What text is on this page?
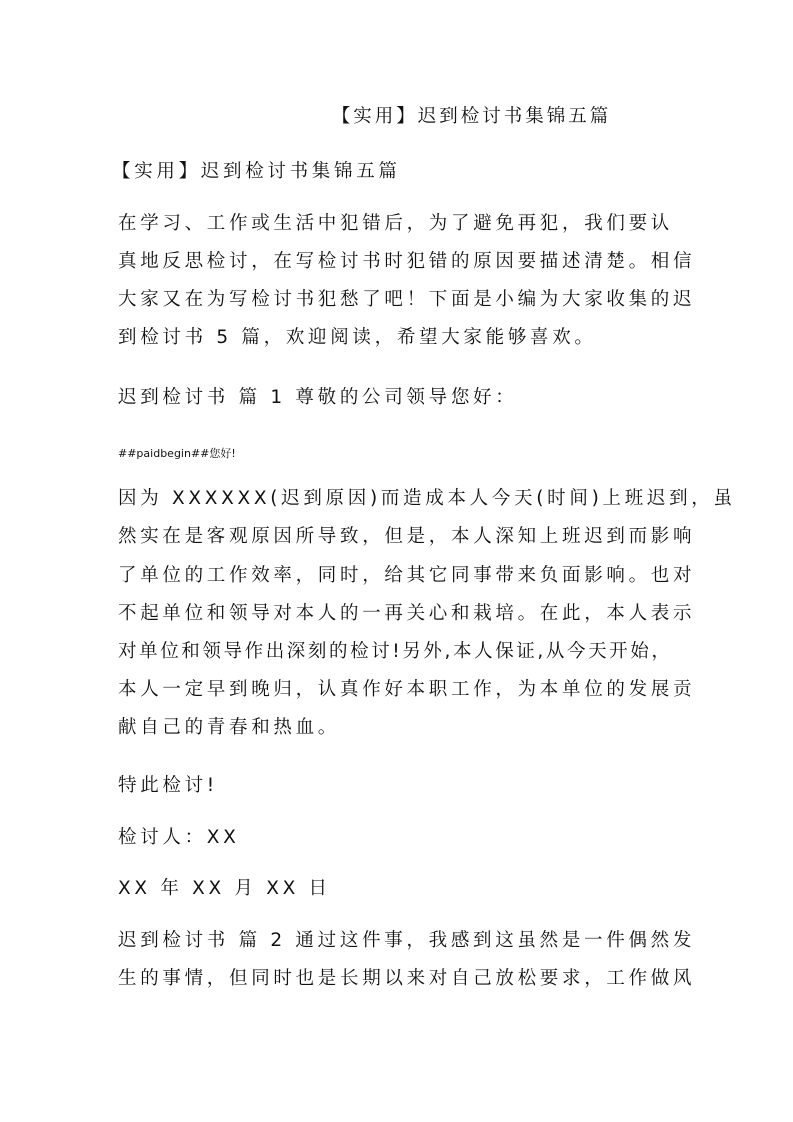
【实用】迟到检讨书集锦五篇
【实用】迟到检讨书集锦五篇
在学习、工作或生活中犯错后，为了避免再犯，我们要认
真地反思检讨，在写检讨书时犯错的原因要描述清楚。相信
大家又在为写检讨书犯愁了吧！下面是小编为大家收集的迟
到检讨书 5 篇，欢迎阅读，希望大家能够喜欢。
迟到检讨书 篇 1 尊敬的公司领导您好：
##paidbegin##您好!
因为 XXXXXX(迟到原因)而造成本人今天(时间)上班迟到，虽
然实在是客观原因所导致，但是，本人深知上班迟到而影响
了单位的工作效率，同时，给其它同事带来负面影响。也对
不起单位和领导对本人的一再关心和栽培。在此，本人表示
对单位和领导作出深刻的检讨!另外,本人保证,从今天开始，
本人一定早到晚归，认真作好本职工作，为本单位的发展贡
献自己的青春和热血。
特此检讨!
检讨人：XX
XX 年 XX 月 XX 日
迟到检讨书 篇 2 通过这件事，我感到这虽然是一件偶然发
生的事情，但同时也是长期以来对自己放松要求，工作做风
